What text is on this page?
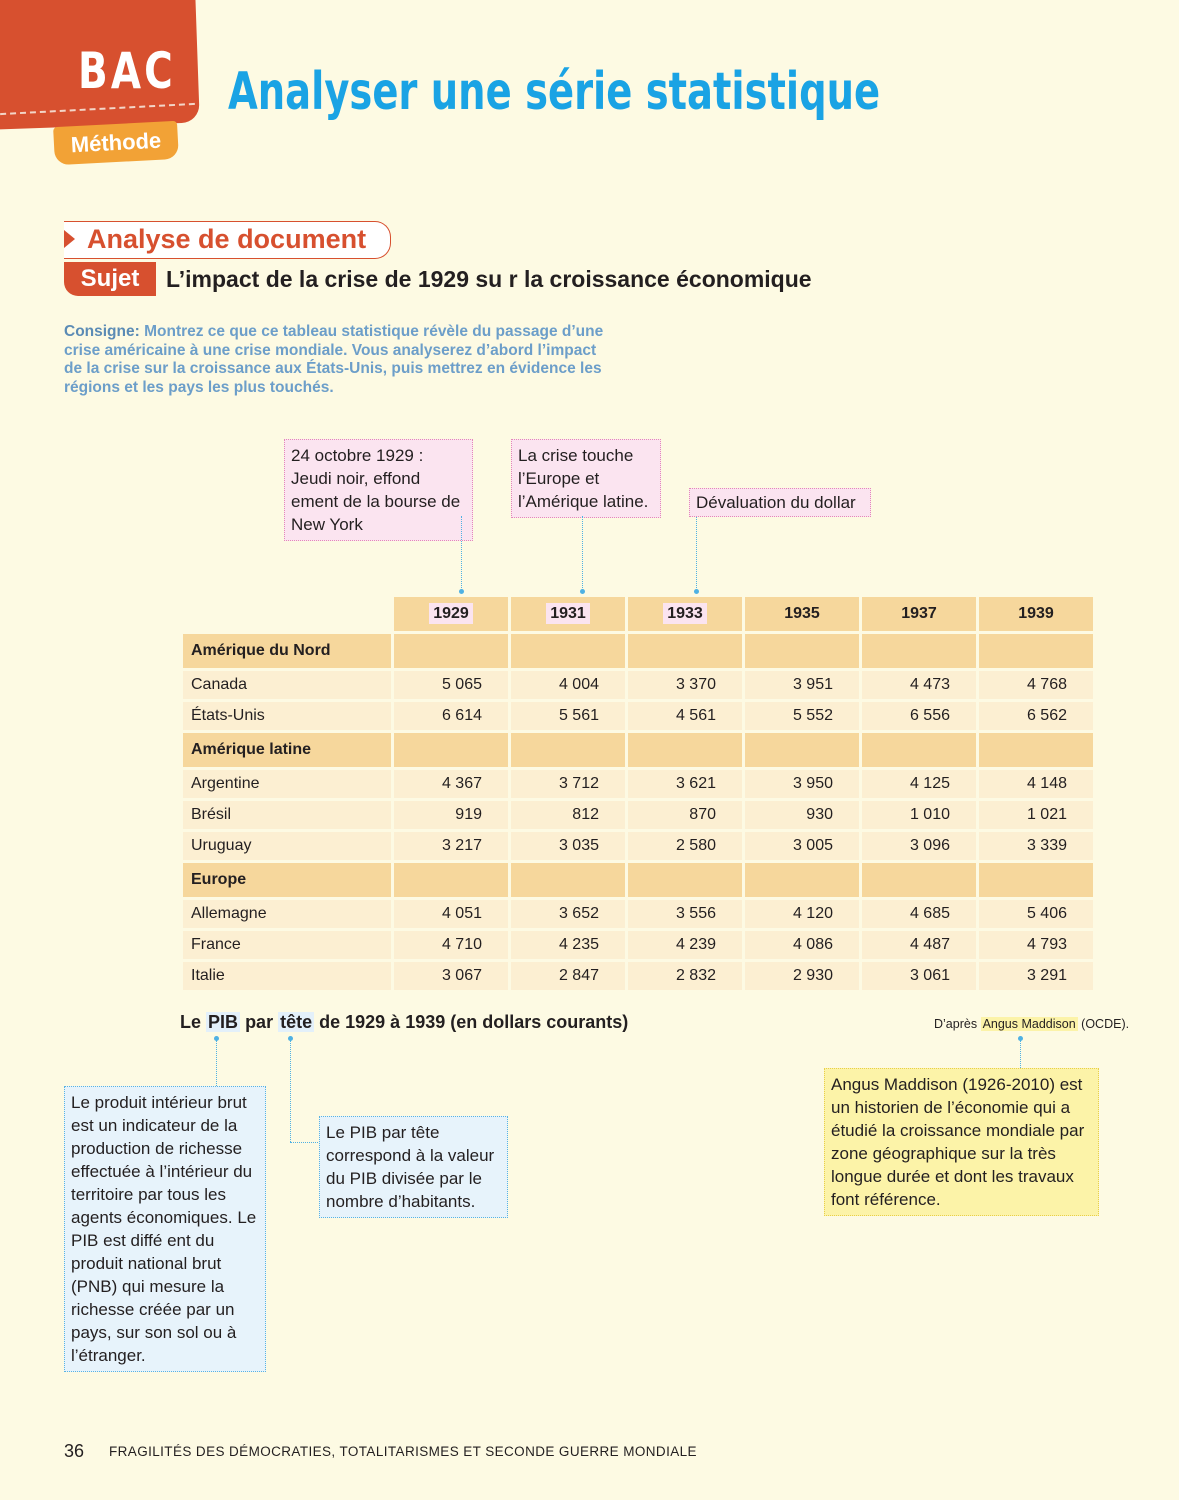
BAC
Méthode
Analyser une série statistique
Analyse de document
Sujet	L’impact de la crise de 1929 su r la croissance économique
Consigne: Montrez ce que ce tableau statistique révèle du passage d’une crise américaine à une crise mondiale. Vous analyserez d’abord l’impact de la crise sur la croissance aux États-Unis, puis mettrez en évidence les régions et les pays les plus touchés.
24 octobre 1929 : Jeudi noir, effond ement de la bourse de New York
La crise touche l’Europe et l’Amérique latine.	Dévaluation du dollar
	1929	1931	1933	1935	1937	1939
Amérique du Nord						
Canada	5 065	4 004	3 370	3 951	4 473	4 768
États-Unis	6 614	5 561	4 561	5 552	6 556	6 562
Amérique latine						
Argentine	4 367	3 712	3 621	3 950	4 125	4 148
Brésil	919	812	870	930	1 010	1 021
Uruguay	3 217	3 035	2 580	3 005	3 096	3 339
Europe						
Allemagne	4 051	3 652	3 556	4 120	4 685	5 406
France	4 710	4 235	4 239	4 086	4 487	4 793
Italie	3 067	2 847	2 832	2 930	3 061	3 291
Le PIB par tête de 1929 à 1939 (en dollars courants)	D’après Angus Maddison (OCDE).
Le produit intérieur brut est un indicateur de la production de richesse effectuée à l’intérieur du territoire par tous les agents économiques. Le PIB est diffé ent du produit national brut (PNB) qui mesure la richesse créée par un pays, sur son sol ou à l’étranger.
Le PIB par tête correspond à la valeur du PIB divisée par le nombre d’habitants.
Angus Maddison (1926-2010) est un historien de l’économie qui a étudié la croissance mondiale par zone géographique sur la très longue durée et dont les travaux font référence.
36 FRAGILITÉS DES DÉMOCRATIES, TOTALITARISMES ET SECONDE GUERRE MONDIALE
